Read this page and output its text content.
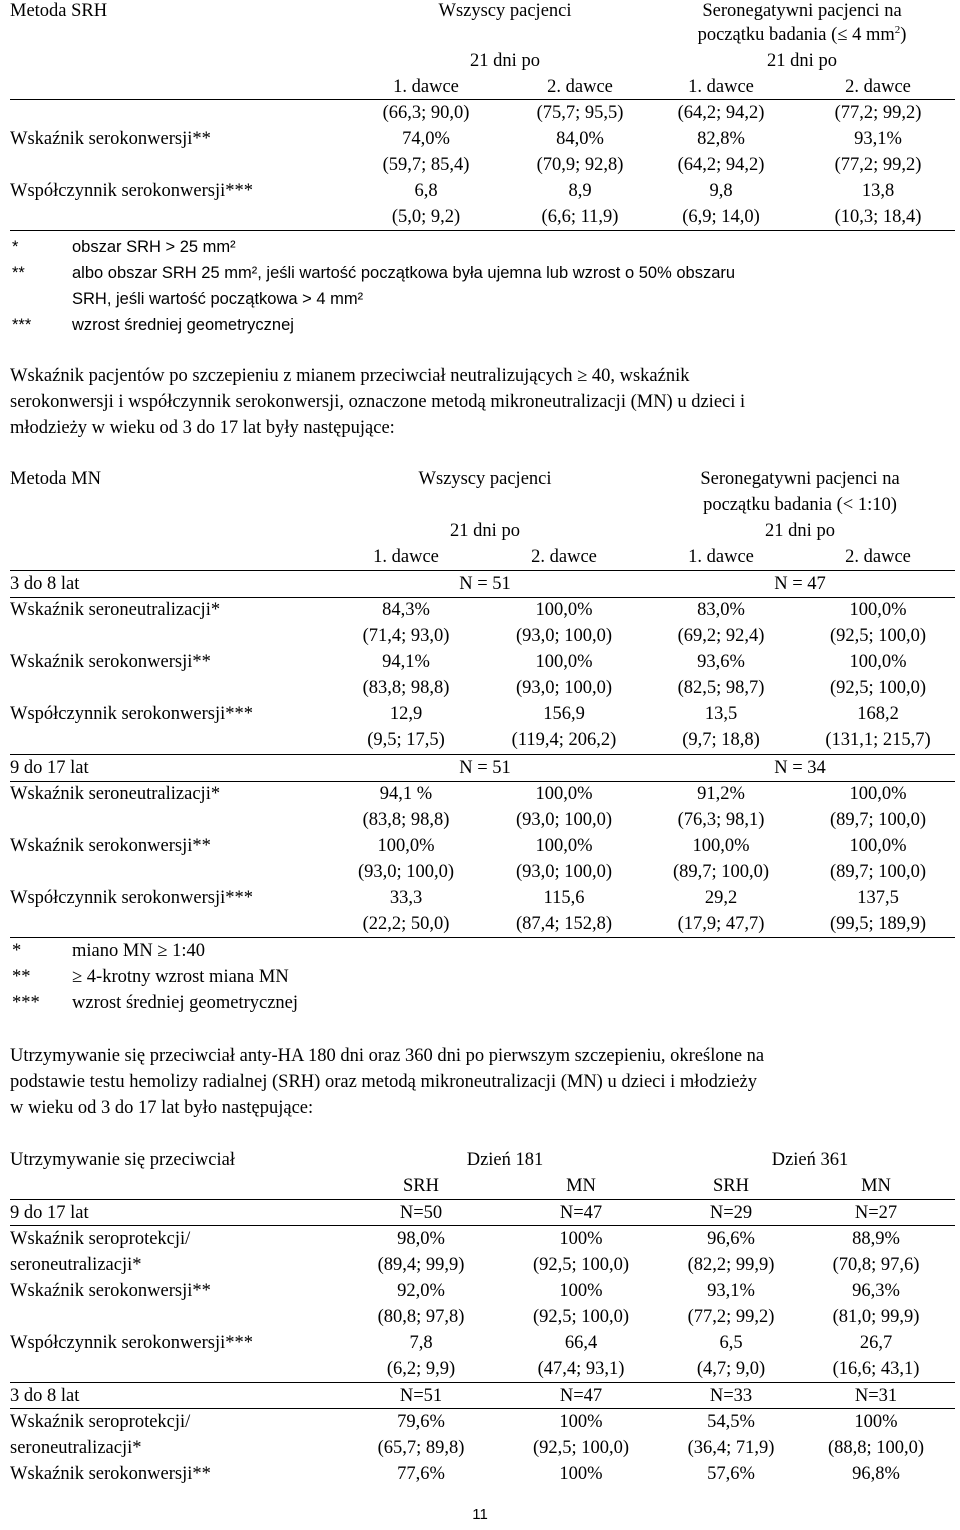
Metoda SRH	Wszyscy pacjenci	Seronegatywni pacjenci na
początku badania (≤ 4 $mm^2$)
21 dni po	21 dni po
1. dawce	2. dawce	1. dawce	2. dawce
(66,3; 90,0)	(75,7; 95,5)	(64,2; 94,2)	(77,2; 99,2)
Wskaźnik serokonwersji**	74,0%	84,0%	82,8%	93,1%
(59,7; 85,4)	(70,9; 92,8)	(64,2; 94,2)	(77,2; 99,2)
Współczynnik serokonwersji***	6,8	8,9	9,8	13,8
(5,0; 9,2)	(6,6; 11,9)	(6,9; 14,0)	(10,3; 18,4)
*	obszar SRH > 25 mm²
**	albo obszar SRH 25 mm², jeśli wartość początkowa była ujemna lub wzrost o 50% obszaru
SRH, jeśli wartość początkowa > 4 mm²
*** wzrost średniej geometrycznej
Wskaźnik pacjentów po szczepieniu z mianem przeciwciał neutralizujących ≥ 40, wskaźnik
serokonwersji i współczynnik serokonwersji, oznaczone metodą mikroneutralizacji (MN) u dzieci i
młodzieży w wieku od 3 do 17 lat były następujące:
Metoda MN	Wszyscy pacjenci	Seronegatywni pacjenci na
początku badania (< 1:10)
21 dni po	21 dni po
1. dawce	2. dawce	1. dawce	2. dawce
3 do 8 lat	N = 51	N = 47
Wskaźnik seroneutralizacji*	84,3%	100,0%	83,0%	100,0%
(71,4; 93,0)	(93,0; 100,0)	(69,2; 92,4)	(92,5; 100,0)
Wskaźnik serokonwersji**	94,1%	100,0%	93,6%	100,0%
(83,8; 98,8)	(93,0; 100,0)	(82,5; 98,7)	(92,5; 100,0)
Współczynnik serokonwersji***	12,9	156,9	13,5	168,2
(9,5; 17,5)	(119,4; 206,2)	(9,7; 18,8)	(131,1; 215,7)
9 do 17 lat	N = 51	N = 34
Wskaźnik seroneutralizacji*	94,1 %	100,0%	91,2%	100,0%
(83,8; 98,8)	(93,0; 100,0)	(76,3; 98,1)	(89,7; 100,0)
Wskaźnik serokonwersji**	100,0%	100,0%	100,0%	100,0%
(93,0; 100,0)	(93,0; 100,0)	(89,7; 100,0)	(89,7; 100,0)
Współczynnik serokonwersji***	33,3	115,6	29,2	137,5
(22,2; 50,0)	(87,4; 152,8)	(17,9; 47,7)	(99,5; 189,9)
*	miano MN ≥ 1:40
** ≥ 4-krotny wzrost miana MN
*** wzrost średniej geometrycznej
Utrzymywanie się przeciwciał anty-HA 180 dni oraz 360 dni po pierwszym szczepieniu, określone na
podstawie testu hemolizy radialnej (SRH) oraz metodą mikroneutralizacji (MN) u dzieci i młodzieży
w wieku od 3 do 17 lat było następujące:
Utrzymywanie się przeciwciał	Dzień 181	Dzień 361
SRH	MN	SRH	MN
9 do 17 lat	N=50	N=47	N=29	N=27
Wskaźnik seroprotekcji/	98,0%	100%	96,6%	88,9%
seroneutralizacji*	(89,4; 99,9)	(92,5; 100,0)	(82,2; 99,9)	(70,8; 97,6)
Wskaźnik serokonwersji**	92,0%	100%	93,1%	96,3%
(80,8; 97,8)	(92,5; 100,0)	(77,2; 99,2)	(81,0; 99,9)
Współczynnik serokonwersji***	7,8	66,4	6,5	26,7
(6,2; 9,9)	(47,4; 93,1)	(4,7; 9,0)	(16,6; 43,1)
3 do 8 lat	N=51	N=47	N=33	N=31
Wskaźnik seroprotekcji/	79,6%	100%	54,5%	100%
seroneutralizacji*	(65,7; 89,8)	(92,5; 100,0)	(36,4; 71,9)	(88,8; 100,0)
Wskaźnik serokonwersji**	77,6%	100%	57,6%	96,8%
11
